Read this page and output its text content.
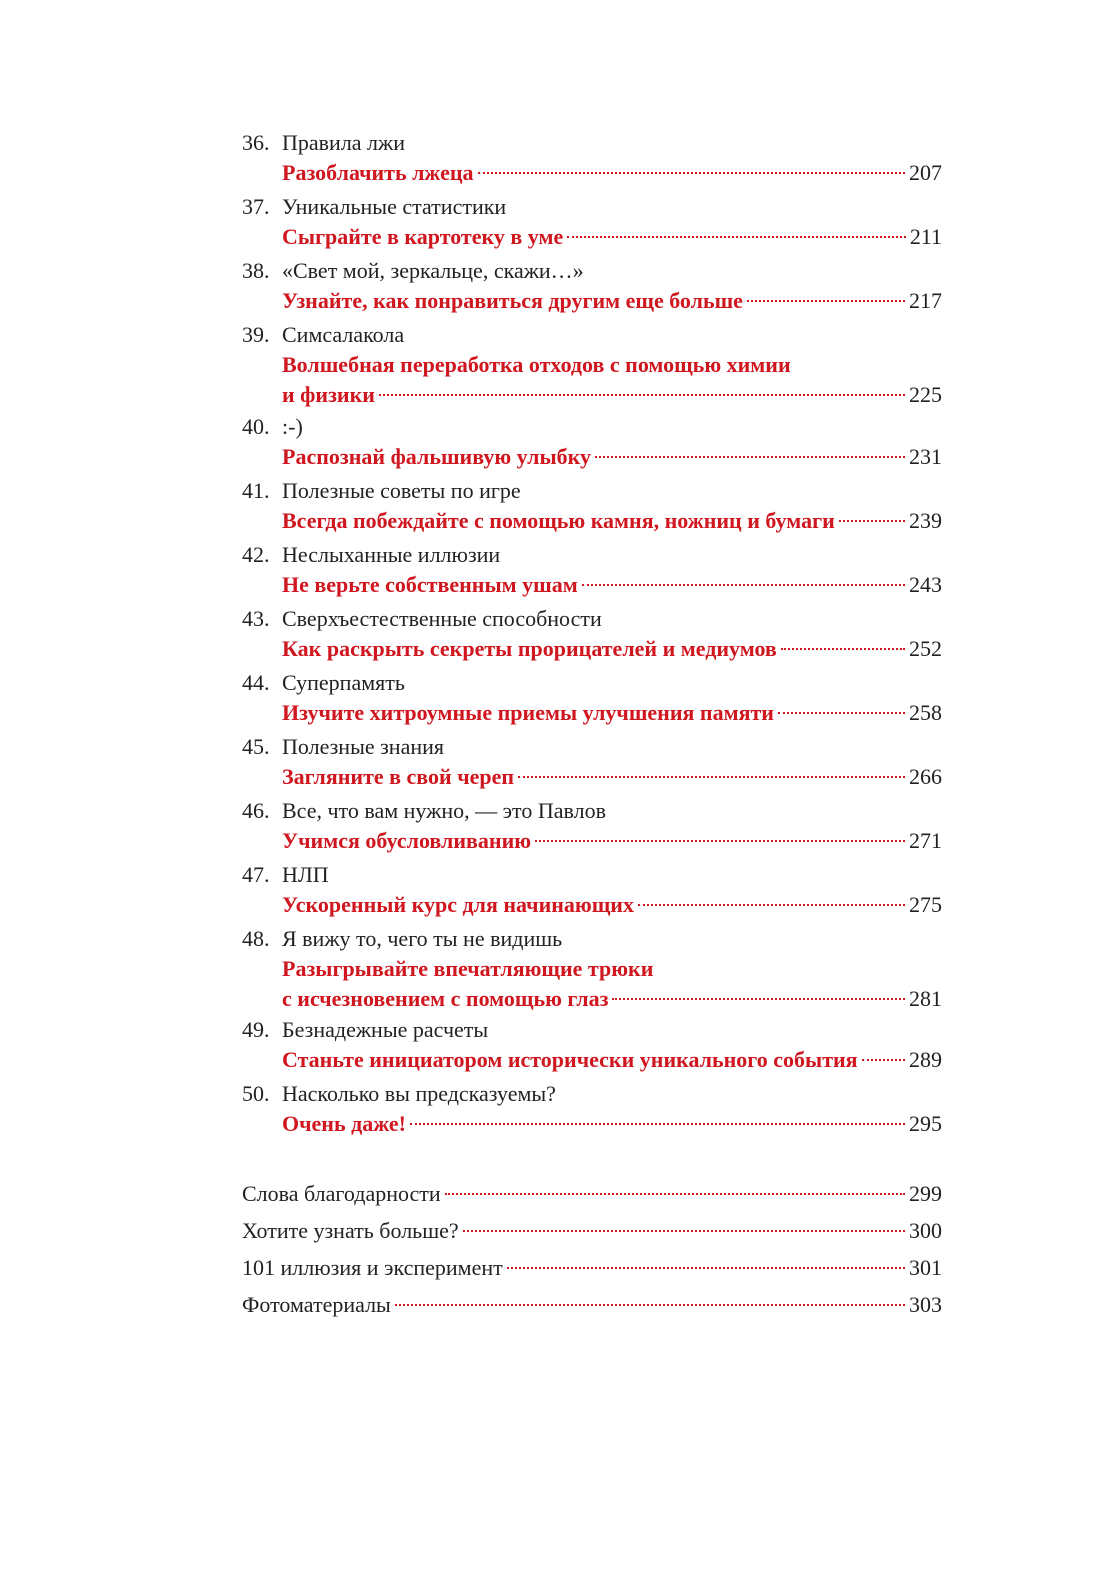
36. Правила лжи
Разоблачить лжеца	207
37. Уникальные статистики
Сыграйте в картотеку в уме	211
38. «Свет мой, зеркальце, скажи…»
Узнайте, как понравиться другим еще больше	217
39. Симсалакола
Волшебная переработка отходов с помощью химии
и физики	225
40. :-)
Распознай фальшивую улыбку	231
41. Полезные советы по игре
Всегда побеждайте с помощью камня, ножниц и бумаги	239
42. Неслыханные иллюзии
Не верьте собственным ушам	243
43. Сверхъестественные способности
Как раскрыть секреты прорицателей и медиумов	252
44. Суперпамять
Изучите хитроумные приемы улучшения памяти	258
45. Полезные знания
Загляните в свой череп	266
46. Все, что вам нужно, — это Павлов
Учимся обусловливанию	271
47. НЛП
Ускоренный курс для начинающих	275
48. Я вижу то, чего ты не видишь
Разыгрывайте впечатляющие трюки
с исчезновением с помощью глаз	281
49. Безнадежные расчеты
Станьте инициатором исторически уникального события 289
50. Насколько вы предсказуемы?
Очень даже!	295
Слова благодарности	299
Хотите узнать больше?	300
101 иллюзия и эксперимент	301
Фотоматериалы	303
